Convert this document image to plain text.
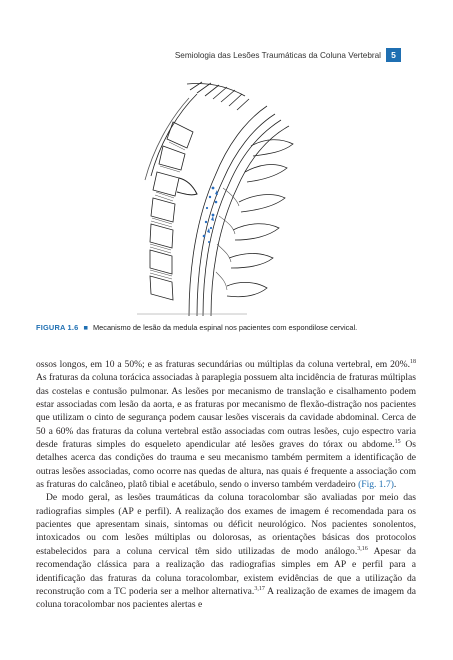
Semiologia das Lesões Traumáticas da Coluna Vertebral	5
FIGURA 1.6 ■ Mecanismo de lesão da medula espinal nos pacientes com espondilose cervical.

ossos longos, em 10 a 50%; e as fraturas secundárias ou múltiplas da coluna vertebral, em 20%.$^{18}$ As fraturas da coluna torácica associadas à paraplegia possuem alta incidência de fraturas múltiplas das costelas e contusão pulmonar. As lesões por mecanismo de translação e cisalhamento podem estar associadas com lesão da aorta, e as fraturas por mecanismo de flexão-distração nos pacientes que utilizam o cinto de segurança podem causar lesões viscerais da cavidade abdominal. Cerca de 50 a 60% das fraturas da coluna vertebral estão associadas com outras lesões, cujo espectro varia desde fraturas simples do esqueleto apendicular até lesões graves do tórax ou abdome.$^{15}$ Os detalhes acerca das condições do trauma e seu mecanismo também permitem a identificação de outras lesões associadas, como ocorre nas quedas de altura, nas quais é frequente a associação com as fraturas do calcâneo, platô tibial e acetábulo, sendo o inverso também verdadeiro (Fig. 1.7).

De modo geral, as lesões traumáticas da coluna toracolombar são avaliadas por meio das radiografias simples (AP e perfil). A realização dos exames de imagem é recomendada para os pacientes que apresentam sinais, sintomas ou déficit neurológico. Nos pacientes sonolentos, intoxicados ou com lesões múltiplas ou dolorosas, as orientações básicas dos protocolos estabelecidos para a coluna cervical têm sido utilizadas de modo análogo.$^{3,16}$ Apesar da recomendação clássica para a realização das radiografias simples em AP e perfil para a identificação das fraturas da coluna toracolombar, existem evidências de que a utilização da reconstrução com a TC poderia ser a melhor alternativa.$^{3,17}$ A realização de exames de imagem da coluna toracolombar nos pacientes alertas e
